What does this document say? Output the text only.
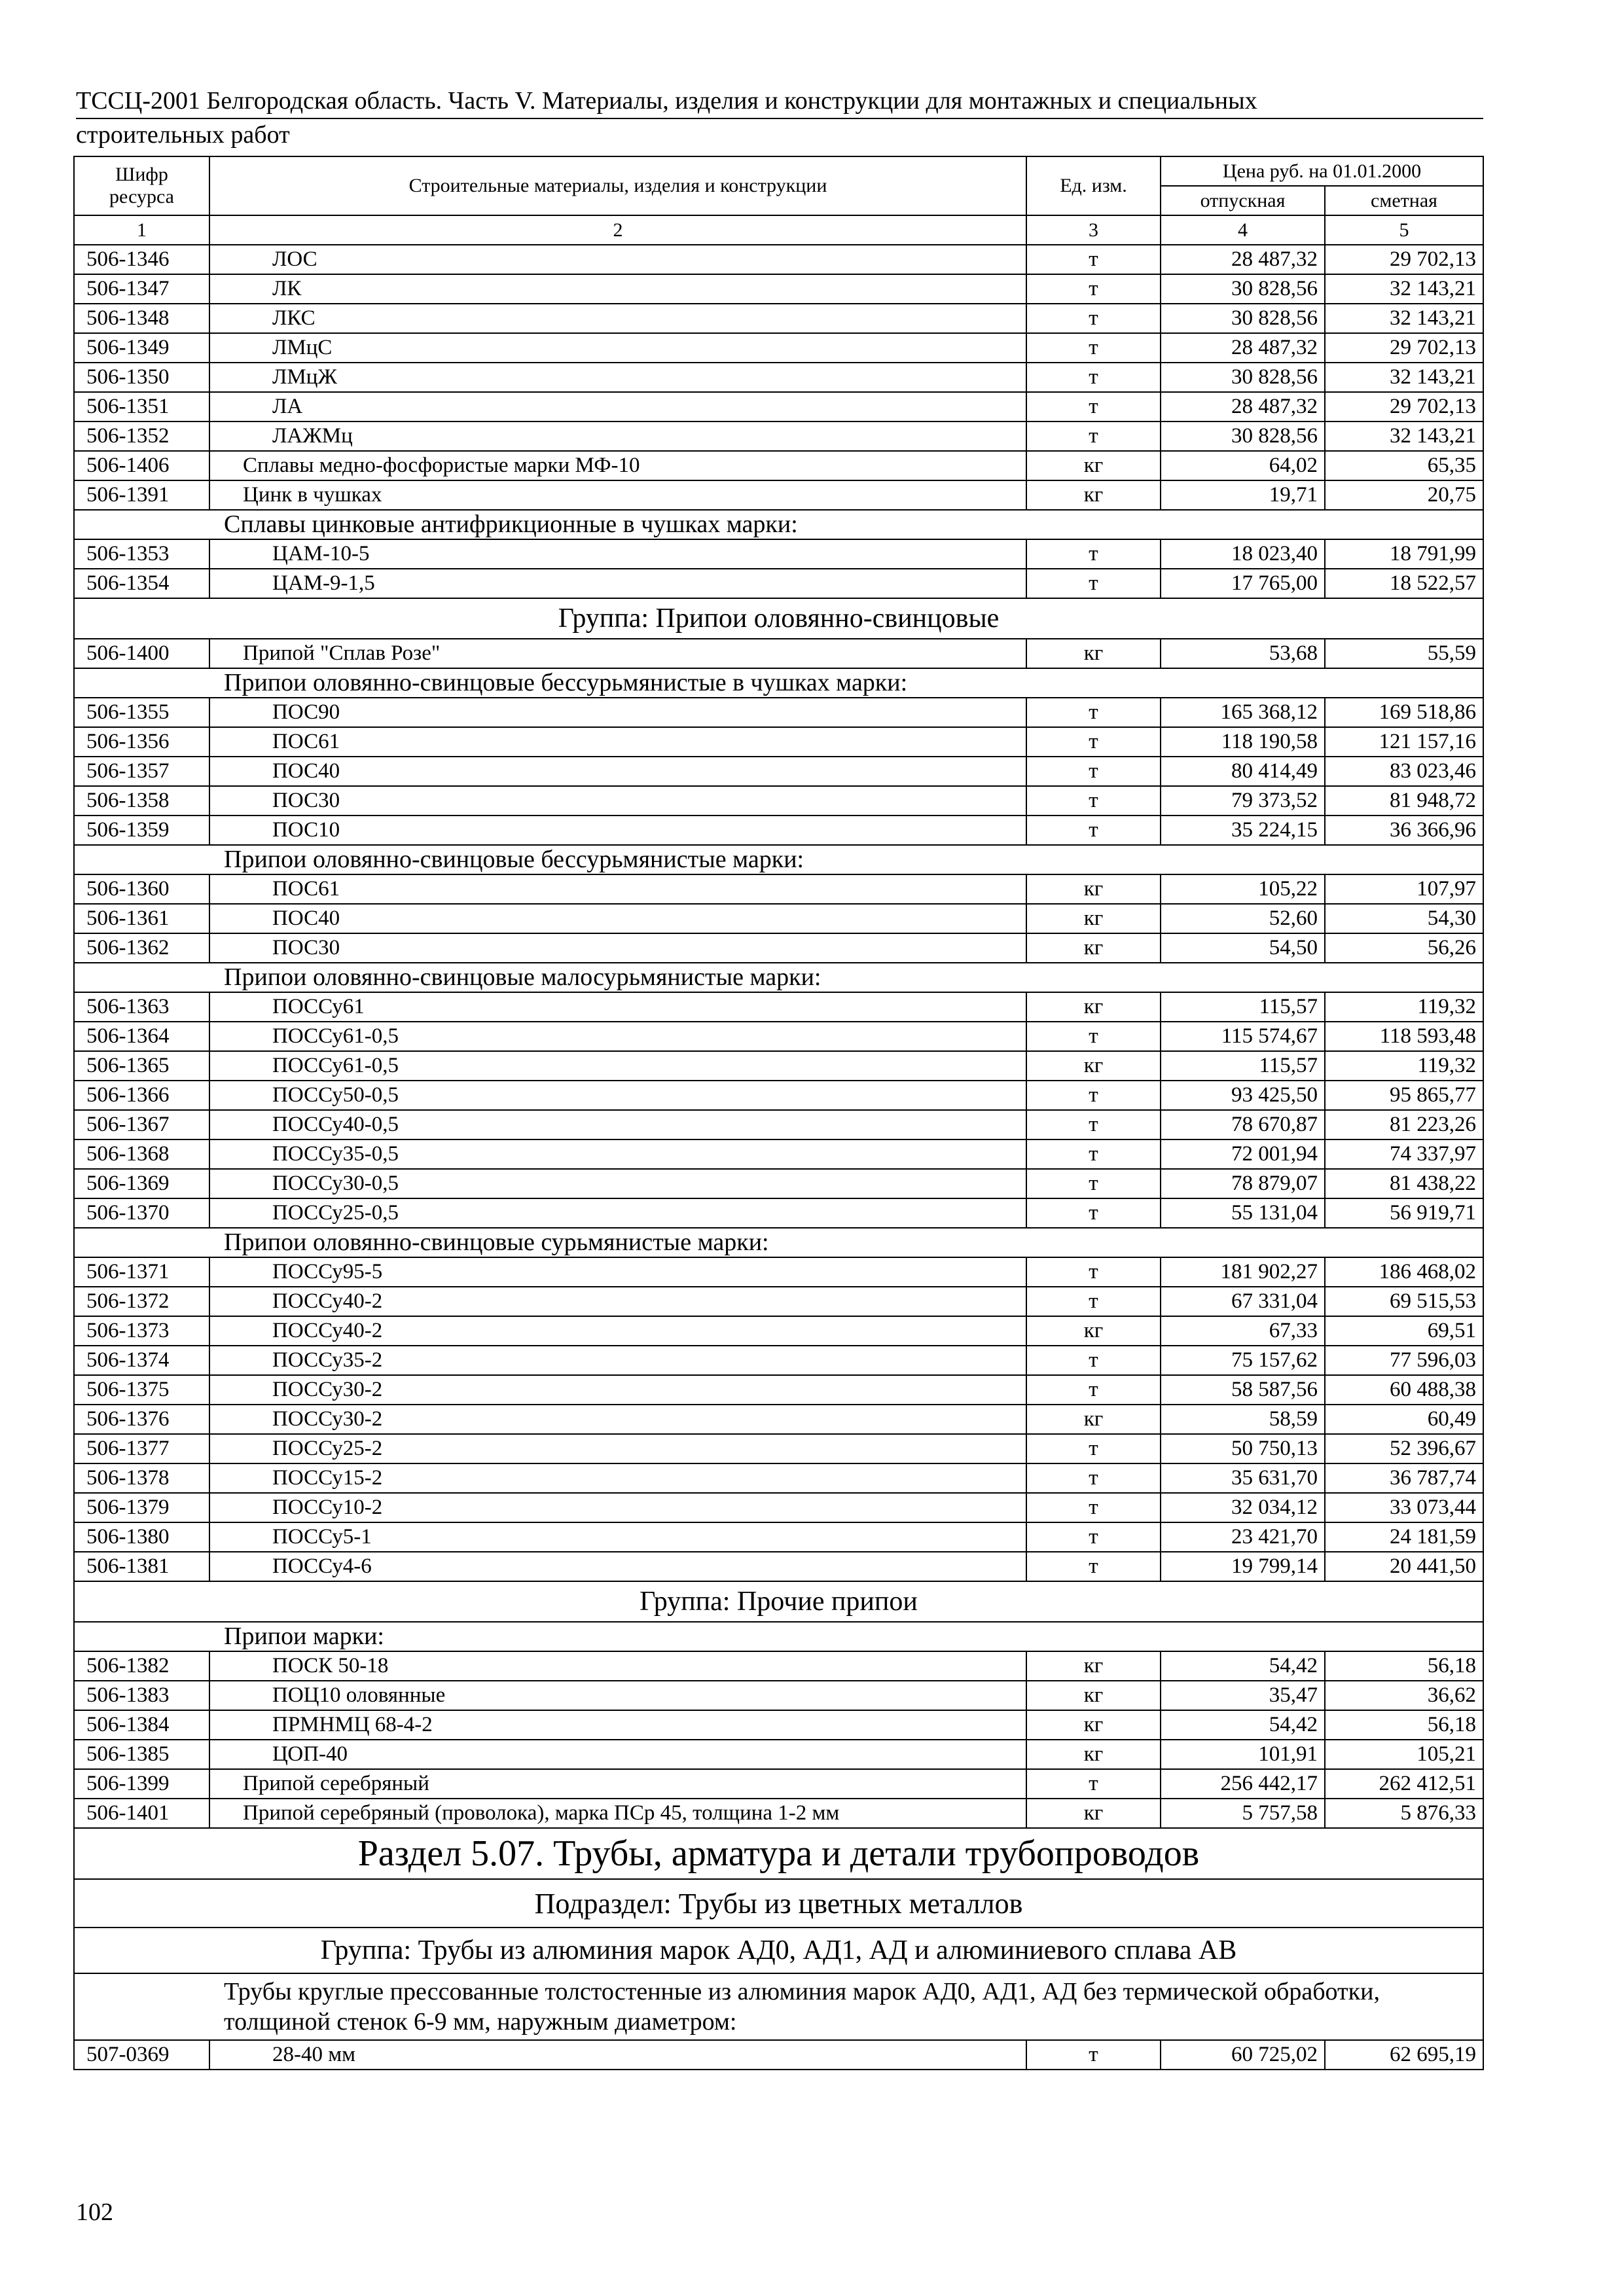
ТССЦ-2001 Белгородская область. Часть V. Материалы, изделия и конструкции для монтажных и специальных
строительных работ
Шифр ресурса	Строительные материалы, изделия и конструкции	Ед. изм.	Цена руб. на 01.01.2000	
			отпускная	сметная
1	2	3	4	5
506-1346	ЛОС	т	28 487,32	29 702,13
506-1347	ЛК	т	30 828,56	32 143,21
506-1348	ЛКС	т	30 828,56	32 143,21
506-1349	ЛМцС	т	28 487,32	29 702,13
506-1350	ЛМцЖ	т	30 828,56	32 143,21
506-1351	ЛА	т	28 487,32	29 702,13
506-1352	ЛАЖМц	т	30 828,56	32 143,21
506-1406	Сплавы медно-фосфористые марки МФ-10	кг	64,02	65,35
506-1391	Цинк в чушках	кг	19,71	20,75
Сплавы цинковые антифрикционные в чушках марки:				
506-1353	ЦАМ-10-5	т	18 023,40	18 791,99
506-1354	ЦАМ-9-1,5	т	17 765,00	18 522,57
Группа: Припои оловянно-свинцовые				
506-1400	Припой "Сплав Розе"	кг	53,68	55,59
Припои оловянно-свинцовые бессурьмянистые в чушках марки:				
506-1355	ПОС90	т	165 368,12	169 518,86
506-1356	ПОС61	т	118 190,58	121 157,16
506-1357	ПОС40	т	80 414,49	83 023,46
506-1358	ПОС30	т	79 373,52	81 948,72
506-1359	ПОС10	т	35 224,15	36 366,96
Припои оловянно-свинцовые бессурьмянистые марки:				
506-1360	ПОС61	кг	105,22	107,97
506-1361	ПОС40	кг	52,60	54,30
506-1362	ПОС30	кг	54,50	56,26
Припои оловянно-свинцовые малосурьмянистые марки:				
506-1363	ПОССу61	кг	115,57	119,32
506-1364	ПОССу61-0,5	т	115 574,67	118 593,48
506-1365	ПОССу61-0,5	кг	115,57	119,32
506-1366	ПОССу50-0,5	т	93 425,50	95 865,77
506-1367	ПОССу40-0,5	т	78 670,87	81 223,26
506-1368	ПОССу35-0,5	т	72 001,94	74 337,97
506-1369	ПОССу30-0,5	т	78 879,07	81 438,22
506-1370	ПОССу25-0,5	т	55 131,04	56 919,71
Припои оловянно-свинцовые сурьмянистые марки:				
506-1371	ПОССу95-5	т	181 902,27	186 468,02
506-1372	ПОССу40-2	т	67 331,04	69 515,53
506-1373	ПОССу40-2	кг	67,33	69,51
506-1374	ПОССу35-2	т	75 157,62	77 596,03
506-1375	ПОССу30-2	т	58 587,56	60 488,38
506-1376	ПОССу30-2	кг	58,59	60,49
506-1377	ПОССу25-2	т	50 750,13	52 396,67
506-1378	ПОССу15-2	т	35 631,70	36 787,74
506-1379	ПОССу10-2	т	32 034,12	33 073,44
506-1380	ПОССу5-1	т	23 421,70	24 181,59
506-1381	ПОССу4-6	т	19 799,14	20 441,50
Группа: Прочие припои				
Припои марки:				
506-1382	ПОСК 50-18	кг	54,42	56,18
506-1383	ПОЦ10 оловянные	кг	35,47	36,62
506-1384	ПРМНМЦ 68-4-2	кг	54,42	56,18
506-1385	ЦОП-40	кг	101,91	105,21
506-1399	Припой серебряный	т	256 442,17	262 412,51
506-1401	Припой серебряный (проволока), марка ПСр 45, толщина 1-2 мм	кг	5 757,58	5 876,33
Раздел 5.07. Трубы, арматура и детали трубопроводов				
Подраздел: Трубы из цветных металлов				
Группа: Трубы из алюминия марок АД0, АД1, АД и алюминиевого сплава АВ				
Трубы круглые прессованные толстостенные из алюминия марок АД0, АД1, АД без термической обработки, толщиной стенок 6-9 мм, наружным диаметром:				
507-0369	28-40 мм	т	60 725,02	62 695,19
102
